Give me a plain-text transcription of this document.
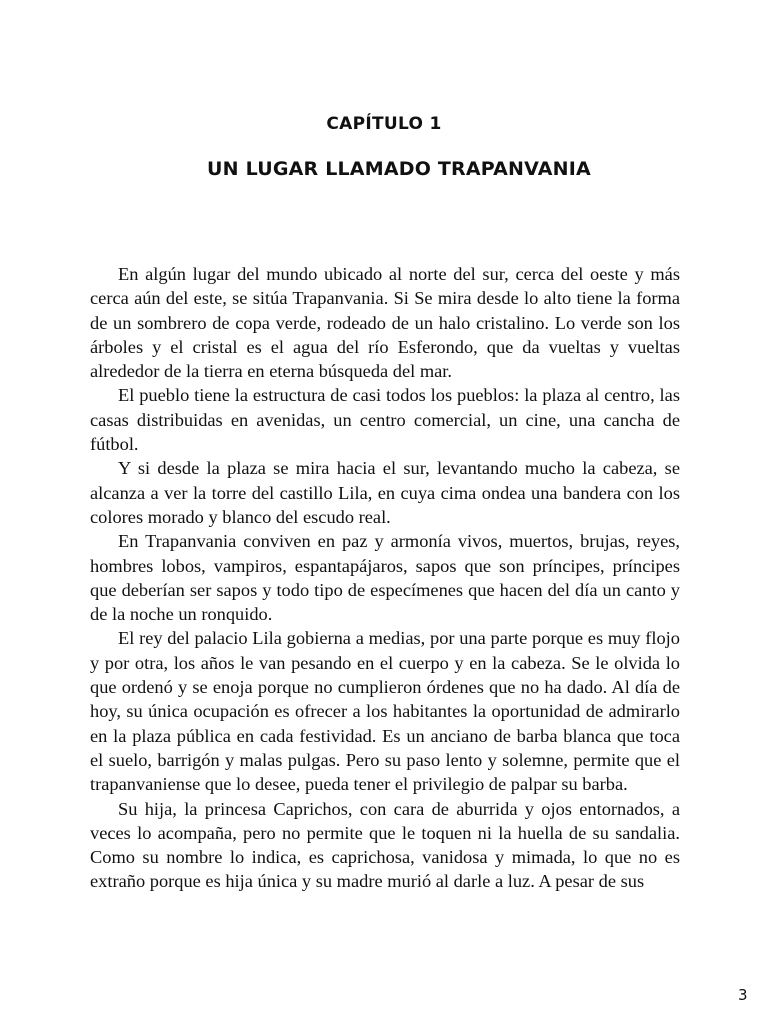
CAPÍTULO 1
UN LUGAR LLAMADO TRAPANVANIA

En algún lugar del mundo ubicado al norte del sur, cerca del oeste y más cerca aún del este, se sitúa Trapanvania. Si Se mira desde lo alto tiene la forma de un sombrero de copa verde, rodeado de un halo cristalino. Lo verde son los árboles y el cristal es el agua del río Esferondo, que da vueltas y vueltas alrededor de la tierra en eterna búsqueda del mar.

El pueblo tiene la estructura de casi todos los pueblos: la plaza al centro, las casas distribuidas en avenidas, un centro comercial, un cine, una cancha de fútbol.

Y si desde la plaza se mira hacia el sur, levantando mucho la cabeza, se alcanza a ver la torre del castillo Lila, en cuya cima ondea una bandera con los colores morado y blanco del escudo real.

En Trapanvania conviven en paz y armonía vivos, muertos, brujas, reyes, hombres lobos, vampiros, espantapájaros, sapos que son príncipes, príncipes que deberían ser sapos y todo tipo de especímenes que hacen del día un canto y de la noche un ronquido.

El rey del palacio Lila gobierna a medias, por una parte porque es muy flojo y por otra, los años le van pesando en el cuerpo y en la cabeza. Se le olvida lo que ordenó y se enoja porque no cumplieron órdenes que no ha dado. Al día de hoy, su única ocupación es ofrecer a los habitantes la oportunidad de admirarlo en la plaza pública en cada festividad. Es un anciano de barba blanca que toca el suelo, barrigón y malas pulgas. Pero su paso lento y solemne, permite que el trapanvaniense que lo desee, pueda tener el privilegio de palpar su barba.

Su hija, la princesa Caprichos, con cara de aburrida y ojos entornados, a veces lo acompaña, pero no permite que le toquen ni la huella de su sandalia. Como su nombre lo indica, es caprichosa, vanidosa y mimada, lo que no es extraño porque es hija única y su madre murió al darle a luz. A pesar de sus

3
